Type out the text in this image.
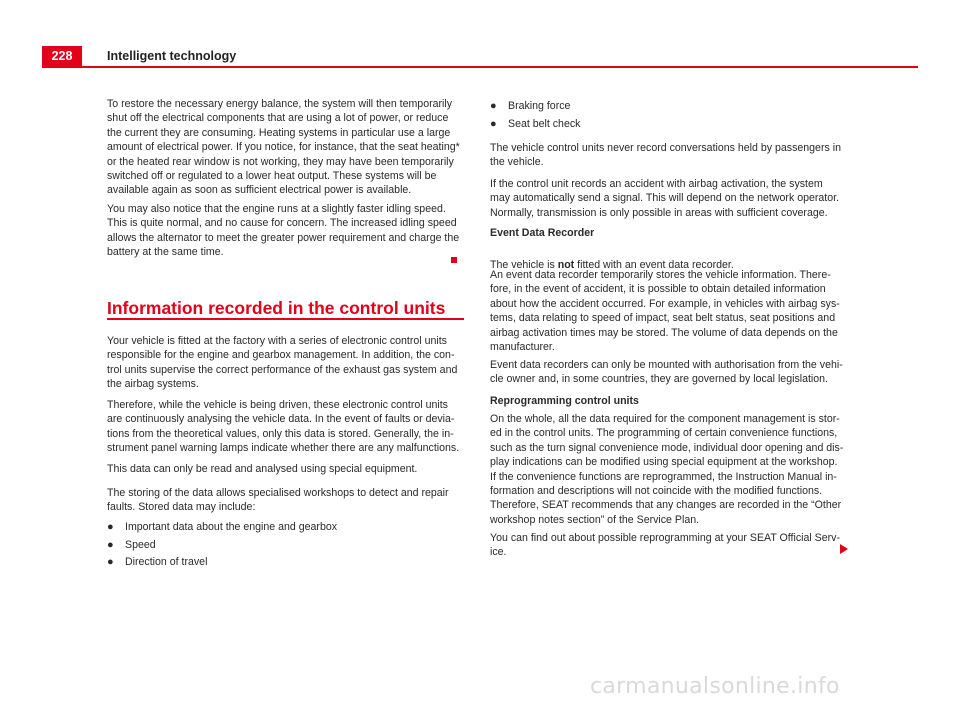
228	Intelligent technology
To restore the necessary energy balance, the system will then temporarily
shut off the electrical components that are using a lot of power, or reduce
the current they are consuming. Heating systems in particular use a large
amount of electrical power. If you notice, for instance, that the seat heating*
or the heated rear window is not working, they may have been temporarily
switched off or regulated to a lower heat output. These systems will be
available again as soon as sufficient electrical power is available.
You may also notice that the engine runs at a slightly faster idling speed.
This is quite normal, and no cause for concern. The increased idling speed
allows the alternator to meet the greater power requirement and charge the
battery at the same time.
Your vehicle is fitted at the factory with a series of electronic control units
responsible for the engine and gearbox management. In addition, the con-
trol units supervise the correct performance of the exhaust gas system and
the airbag systems.
Therefore, while the vehicle is being driven, these electronic control units
are continuously analysing the vehicle data. In the event of faults or devia-
tions from the theoretical values, only this data is stored. Generally, the in-
strument panel warning lamps indicate whether there are any malfunctions.
This data can only be read and analysed using special equipment.
The storing of the data allows specialised workshops to detect and repair
faults. Stored data may include:
● Important data about the engine and gearbox
● Speed
● Direction of travel
Information recorded in the control units
● Braking force
● Seat belt check
The vehicle control units never record conversations held by passengers in
the vehicle.
If the control unit records an accident with airbag activation, the system
may automatically send a signal. This will depend on the network operator.
Normally, transmission is only possible in areas with sufficient coverage.
Event Data Recorder

The vehicle is not fitted with an event data recorder.

An event data recorder temporarily stores the vehicle information. There-
fore, in the event of accident, it is possible to obtain detailed information
about how the accident occurred. For example, in vehicles with airbag sys-
tems, data relating to speed of impact, seat belt status, seat positions and
airbag activation times may be stored. The volume of data depends on the
manufacturer.
Event data recorders can only be mounted with authorisation from the vehi-
cle owner and, in some countries, they are governed by local legislation.
Reprogramming control units
On the whole, all the data required for the component management is stor-
ed in the control units. The programming of certain convenience functions,
such as the turn signal convenience mode, individual door opening and dis-
play indications can be modified using special equipment at the workshop.
If the convenience functions are reprogrammed, the Instruction Manual in-
formation and descriptions will not coincide with the modified functions.
Therefore, SEAT recommends that any changes are recorded in the “Other
workshop notes section” of the Service Plan.
You can find out about possible reprogramming at your SEAT Official Serv-
ice.
carmanualsonline.info
